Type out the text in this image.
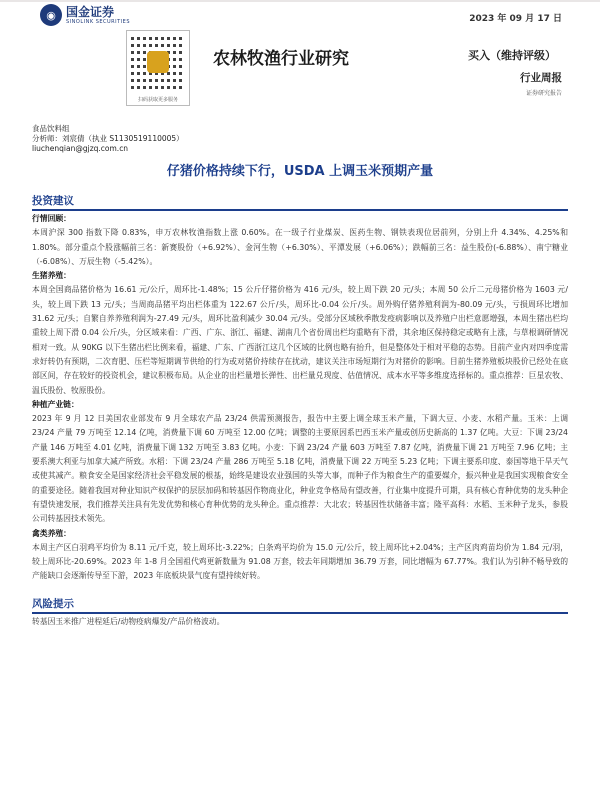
◉ 国金证券
SINOLINK SECURITIES	2023 年 09 月 17 日
扫码获取更多服务
农林牧渔行业研究	买入（维持评级）
行业周报
证券研究报告
食品饮料组
分析师：刘宸倩（执业 S1130519110005）
liuchenqian@gjzq.com.cn
仔猪价格持续下行，USDA 上调玉米预期产量
投资建议
行情回顾：
本周沪深 300 指数下降 0.83%，申万农林牧渔指数上涨 0.60%。在一级子行业煤炭、医药生物、钢铁表现位居前列，分别上升 4.34%、4.25%和 1.80%。部分重点个股涨幅前三名：新赛股份（+6.92%）、金河生物（+6.30%）、平潭发展（+6.06%）；跌幅前三名：益生股份(-6.88%）、南宁糖业（-6.08%）、万辰生物（-5.42%）。
生猪养殖：
本周全国商品猪价格为 16.61 元/公斤，周环比-1.48%；15 公斤仔猪价格为 416 元/头，较上周下跌 20 元/头；本周 50 公斤二元母猪价格为 1603 元/头，较上周下跌 13 元/头；当周商品猪平均出栏体重为 122.67 公斤/头，周环比-0.04 公斤/头。周外购仔猪养殖利润为-80.09 元/头，亏损周环比增加 31.62 元/头；自繁自养养殖利润为-27.49 元/头，周环比盈利减少 30.04 元/头。受部分区域秋季散发疫病影响以及养殖户出栏意愿增强，本周生猪出栏均重较上周下滑 0.04 公斤/头，分区域来看：广西、广东、浙江、福建、湖南几个省份周出栏均重略有下滑，其余地区保持稳定或略有上涨，与草根调研情况相对一致。从 90KG 以下生猪出栏比例来看，福建、广东、广西浙江这几个区域的比例也略有抬升，但是整体处于相对平稳的态势。目前产业内对四季度需求好转仍有预期，二次育肥、压栏等短期调节供给的行为或对猪价持续存在扰动，建议关注市场短期行为对猪价的影响。目前生猪养殖板块股价已经处在底部区间，存在较好的投资机会，建议积极布局。从企业的出栏量增长弹性、出栏量兑现度、估值情况、成本水平等多维度选择标的。重点推荐：巨星农牧、温氏股份、牧原股份。
种植产业链：
2023 年 9 月 12 日美国农业部发布 9 月全球农产品 23/24 供需预测报告，报告中主要上调全球玉米产量，下调大豆、小麦、水稻产量。玉米：上调 23/24 产量 79 万吨至 12.14 亿吨，消费量下调 60 万吨至 12.00 亿吨；调整的主要原因系巴西玉米产量或创历史新高的 1.37 亿吨。大豆：下调 23/24 产量 146 万吨至 4.01 亿吨，消费量下调 132 万吨至 3.83 亿吨。小麦：下调 23/24 产量 603 万吨至 7.87 亿吨，消费量下调 21 万吨至 7.96 亿吨；主要系澳大利亚与加拿大减产所致。水稻：下调 23/24 产量 286 万吨至 5.18 亿吨，消费量下调 22 万吨至 5.23 亿吨；下调主要系印度、泰国等地干旱天气或使其减产。粮食安全是国家经济社会平稳发展的根基，始终是建设农业强国的头等大事，而种子作为粮食生产的重要媒介，振兴种业是我国实现粮食安全的重要途径。随着我国对种业知识产权保护的层层加码和转基因作物商业化，种业竞争格局有望改善，行业集中度提升可期，具有核心育种优势的龙头种企有望快速发展，我们推荐关注具有先发优势和核心育种优势的龙头种企。重点推荐：大北农；转基因性状储备丰富；隆平高科：水稻、玉米种子龙头，参股公司转基因技术领先。
禽类养殖：
本周主产区白羽鸡平均价为 8.11 元/千克，较上周环比-3.22%；白条鸡平均价为 15.0 元/公斤，较上周环比+2.04%；主产区肉鸡苗均价为 1.84 元/羽，较上周环比-20.69%。2023 年 1-8 月全国祖代鸡更新数量为 91.08 万套，较去年同期增加 36.79 万套，同比增幅为 67.77%。我们认为引种不畅导致的产能缺口会逐渐传导至下游，2023 年底板块景气度有望持续好转。
风险提示
转基因玉米推广进程延后/动物疫病爆发/产品价格波动。
